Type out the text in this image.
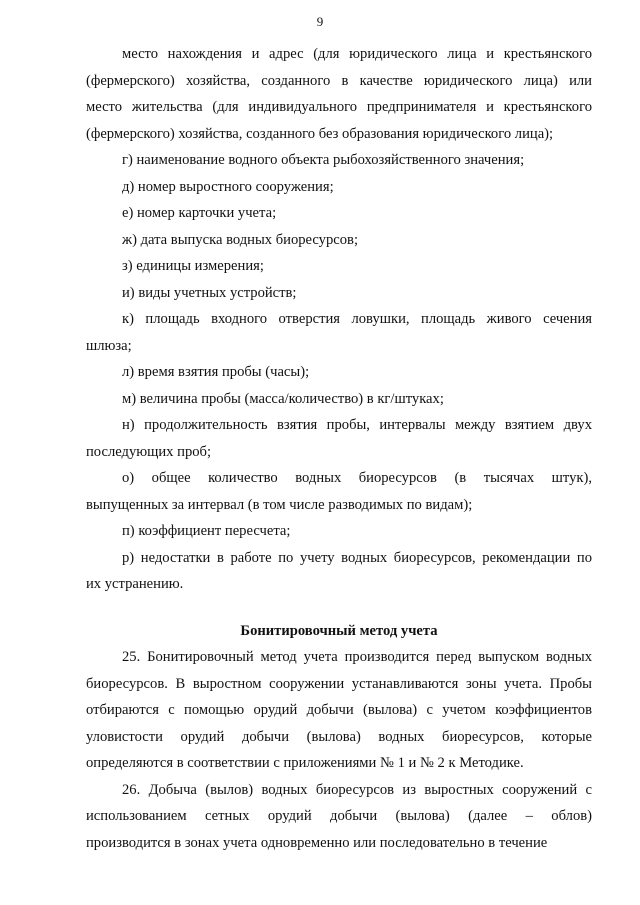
9
место нахождения и адрес (для юридического лица и крестьянского
(фермерского) хозяйства, созданного в качестве юридического лица) или
место жительства (для индивидуального предпринимателя и крестьянского
(фермерского) хозяйства, созданного без образования юридического лица);
г) наименование водного объекта рыбохозяйственного значения;
д) номер выростного сооружения;
е) номер карточки учета;
ж) дата выпуска водных биоресурсов;
з) единицы измерения;
и) виды учетных устройств;
к) площадь входного отверстия ловушки, площадь живого сечения
шлюза;
л) время взятия пробы (часы);
м) величина пробы (масса/количество) в кг/штуках;
н) продолжительность взятия пробы, интервалы между взятием двух
последующих проб;
о) общее количество водных биоресурсов (в тысячах штук),
выпущенных за интервал (в том числе разводимых по видам);
п) коэффициент пересчета;
р) недостатки в работе по учету водных биоресурсов, рекомендации по
их устранению.
Бонитировочный метод учета
25. Бонитировочный метод учета производится перед выпуском водных
биоресурсов. В выростном сооружении устанавливаются зоны учета. Пробы
отбираются с помощью орудий добычи (вылова) с учетом коэффициентов
уловистости орудий добычи (вылова) водных биоресурсов, которые
определяются в соответствии с приложениями № 1 и № 2 к Методике.
26. Добыча (вылов) водных биоресурсов из выростных сооружений с
использованием сетных орудий добычи (вылова) (далее – облов)
производится в зонах учета одновременно или последовательно в течение
